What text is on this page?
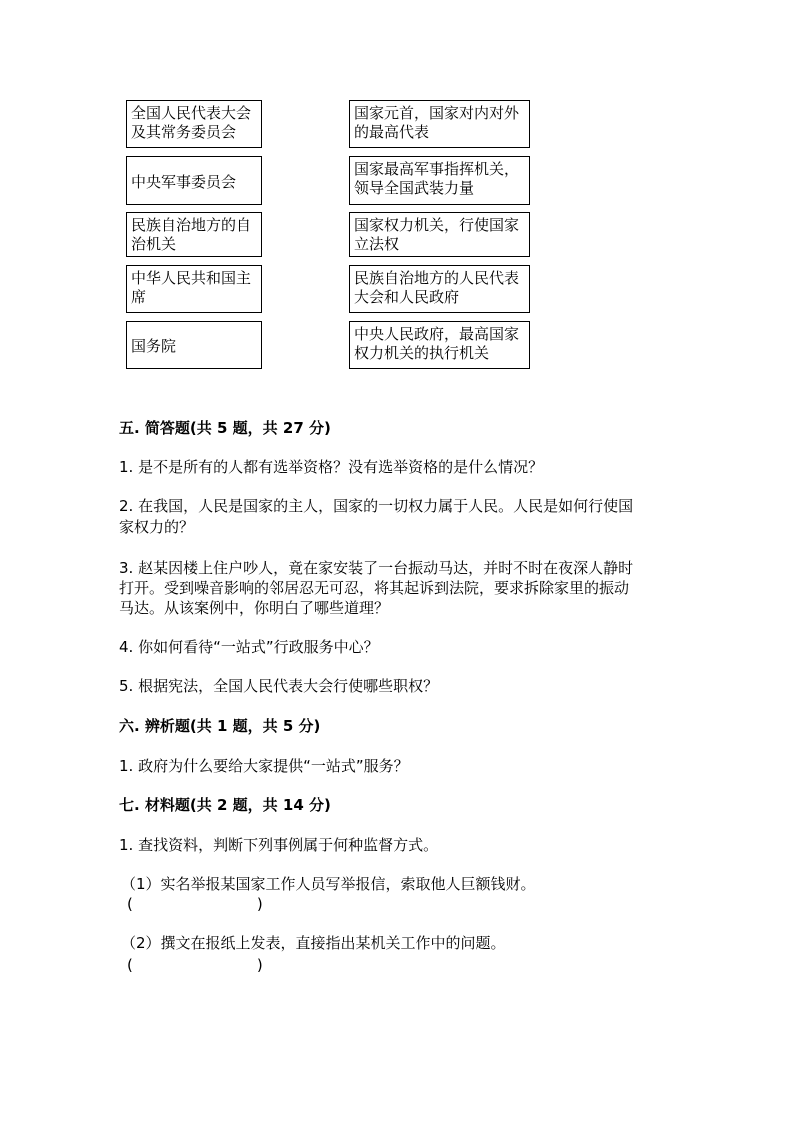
全国人民代表大会及其常务委员会
中央军事委员会
民族自治地方的自治机关
中华人民共和国主席
国务院
国家元首，国家对内对外的最高代表
国家最高军事指挥机关，领导全国武装力量
国家权力机关，行使国家立法权
民族自治地方的人民代表大会和人民政府
中央人民政府，最高国家权力机关的执行机关
五. 简答题(共 5 题，共 27 分)
1. 是不是所有的人都有选举资格？没有选举资格的是什么情况？
2. 在我国，人民是国家的主人，国家的一切权力属于人民。人民是如何行使国
家权力的？
3. 赵某因楼上住户吵人，竟在家安装了一台振动马达，并时不时在夜深人静时
打开。受到噪音影响的邻居忍无可忍，将其起诉到法院，要求拆除家里的振动
马达。从该案例中，你明白了哪些道理？
4. 你如何看待“一站式”行政服务中心？
5. 根据宪法，全国人民代表大会行使哪些职权？
六. 辨析题(共 1 题，共 5 分)
1. 政府为什么要给大家提供“一站式”服务？
七. 材料题(共 2 题，共 14 分)
1. 查找资料，判断下列事例属于何种监督方式。
（1）实名举报某国家工作人员写举报信，索取他人巨额钱财。
(	)
（2）撰文在报纸上发表，直接指出某机关工作中的问题。
(	)
